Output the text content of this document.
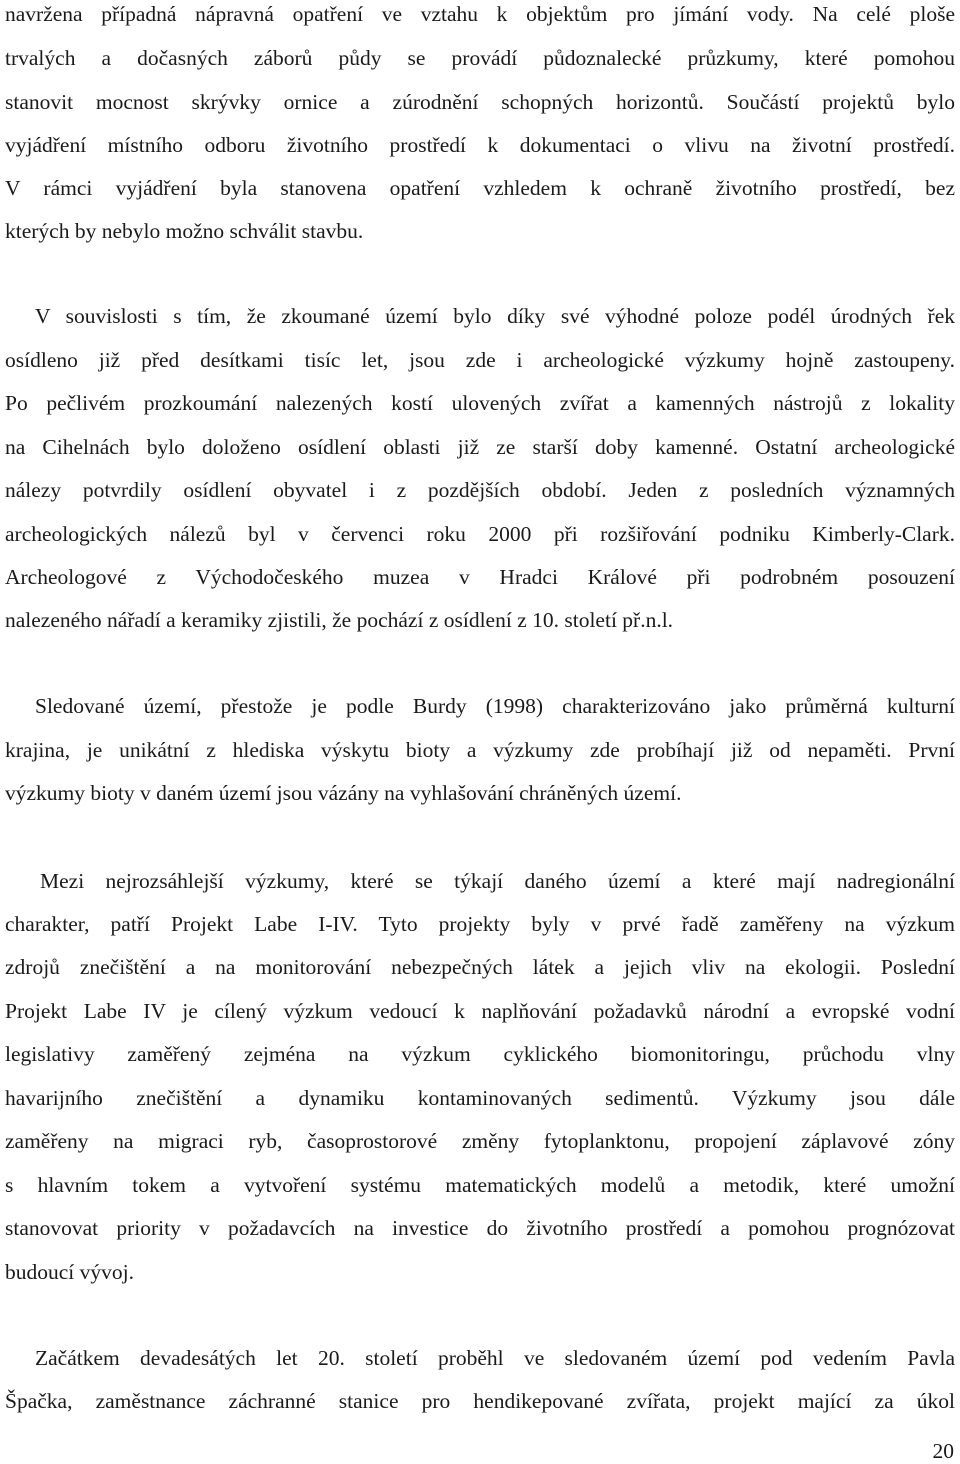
navržena případná nápravná opatření ve vztahu k objektům pro jímání vody. Na celé ploše
trvalých a dočasných záborů půdy se provádí půdoznalecké průzkumy, které pomohou
stanovit mocnost skrývky ornice a zúrodnění schopných horizontů. Součástí projektů bylo
vyjádření místního odboru životního prostředí k dokumentaci o vlivu na životní prostředí.
V rámci vyjádření byla stanovena opatření vzhledem k ochraně životního prostředí, bez
kterých by nebylo možno schválit stavbu.
V souvislosti s tím, že zkoumané území bylo díky své výhodné poloze podél úrodných řek
osídleno již před desítkami tisíc let, jsou zde i archeologické výzkumy hojně zastoupeny.
Po pečlivém prozkoumání nalezených kostí ulovených zvířat a kamenných nástrojů z lokality
na Cihelnách bylo doloženo osídlení oblasti již ze starší doby kamenné. Ostatní archeologické
nálezy potvrdily osídlení obyvatel i z pozdějších období. Jeden z posledních významných
archeologických nálezů byl v červenci roku 2000 při rozšiřování podniku Kimberly-Clark.
Archeologové z Východočeského muzea v Hradci Králové při podrobném posouzení
nalezeného nářadí a keramiky zjistili, že pochází z osídlení z 10. století př.n.l.
Sledované území, přestože je podle Burdy (1998) charakterizováno jako průměrná kulturní
krajina, je unikátní z hlediska výskytu bioty a výzkumy zde probíhají již od nepaměti. První
výzkumy bioty v daném území jsou vázány na vyhlašování chráněných území.
Mezi nejrozsáhlejší výzkumy, které se týkají daného území a které mají nadregionální
charakter, patří Projekt Labe I-IV. Tyto projekty byly v prvé řadě zaměřeny na výzkum
zdrojů znečištění a na monitorování nebezpečných látek a jejich vliv na ekologii. Poslední
Projekt Labe IV je cílený výzkum vedoucí k naplňování požadavků národní a evropské vodní
legislativy zaměřený zejména na výzkum cyklického biomonitoringu, průchodu vlny
havarijního znečištění a dynamiku kontaminovaných sedimentů. Výzkumy jsou dále
zaměřeny na migraci ryb, časoprostorové změny fytoplanktonu, propojení záplavové zóny
s hlavním tokem a vytvoření systému matematických modelů a metodik, které umožní
stanovovat priority v požadavcích na investice do životního prostředí a pomohou prognózovat
budoucí vývoj.
Začátkem devadesátých let 20. století proběhl ve sledovaném území pod vedením Pavla
Špačka, zaměstnance záchranné stanice pro hendikepované zvířata, projekt mající za úkol
20
